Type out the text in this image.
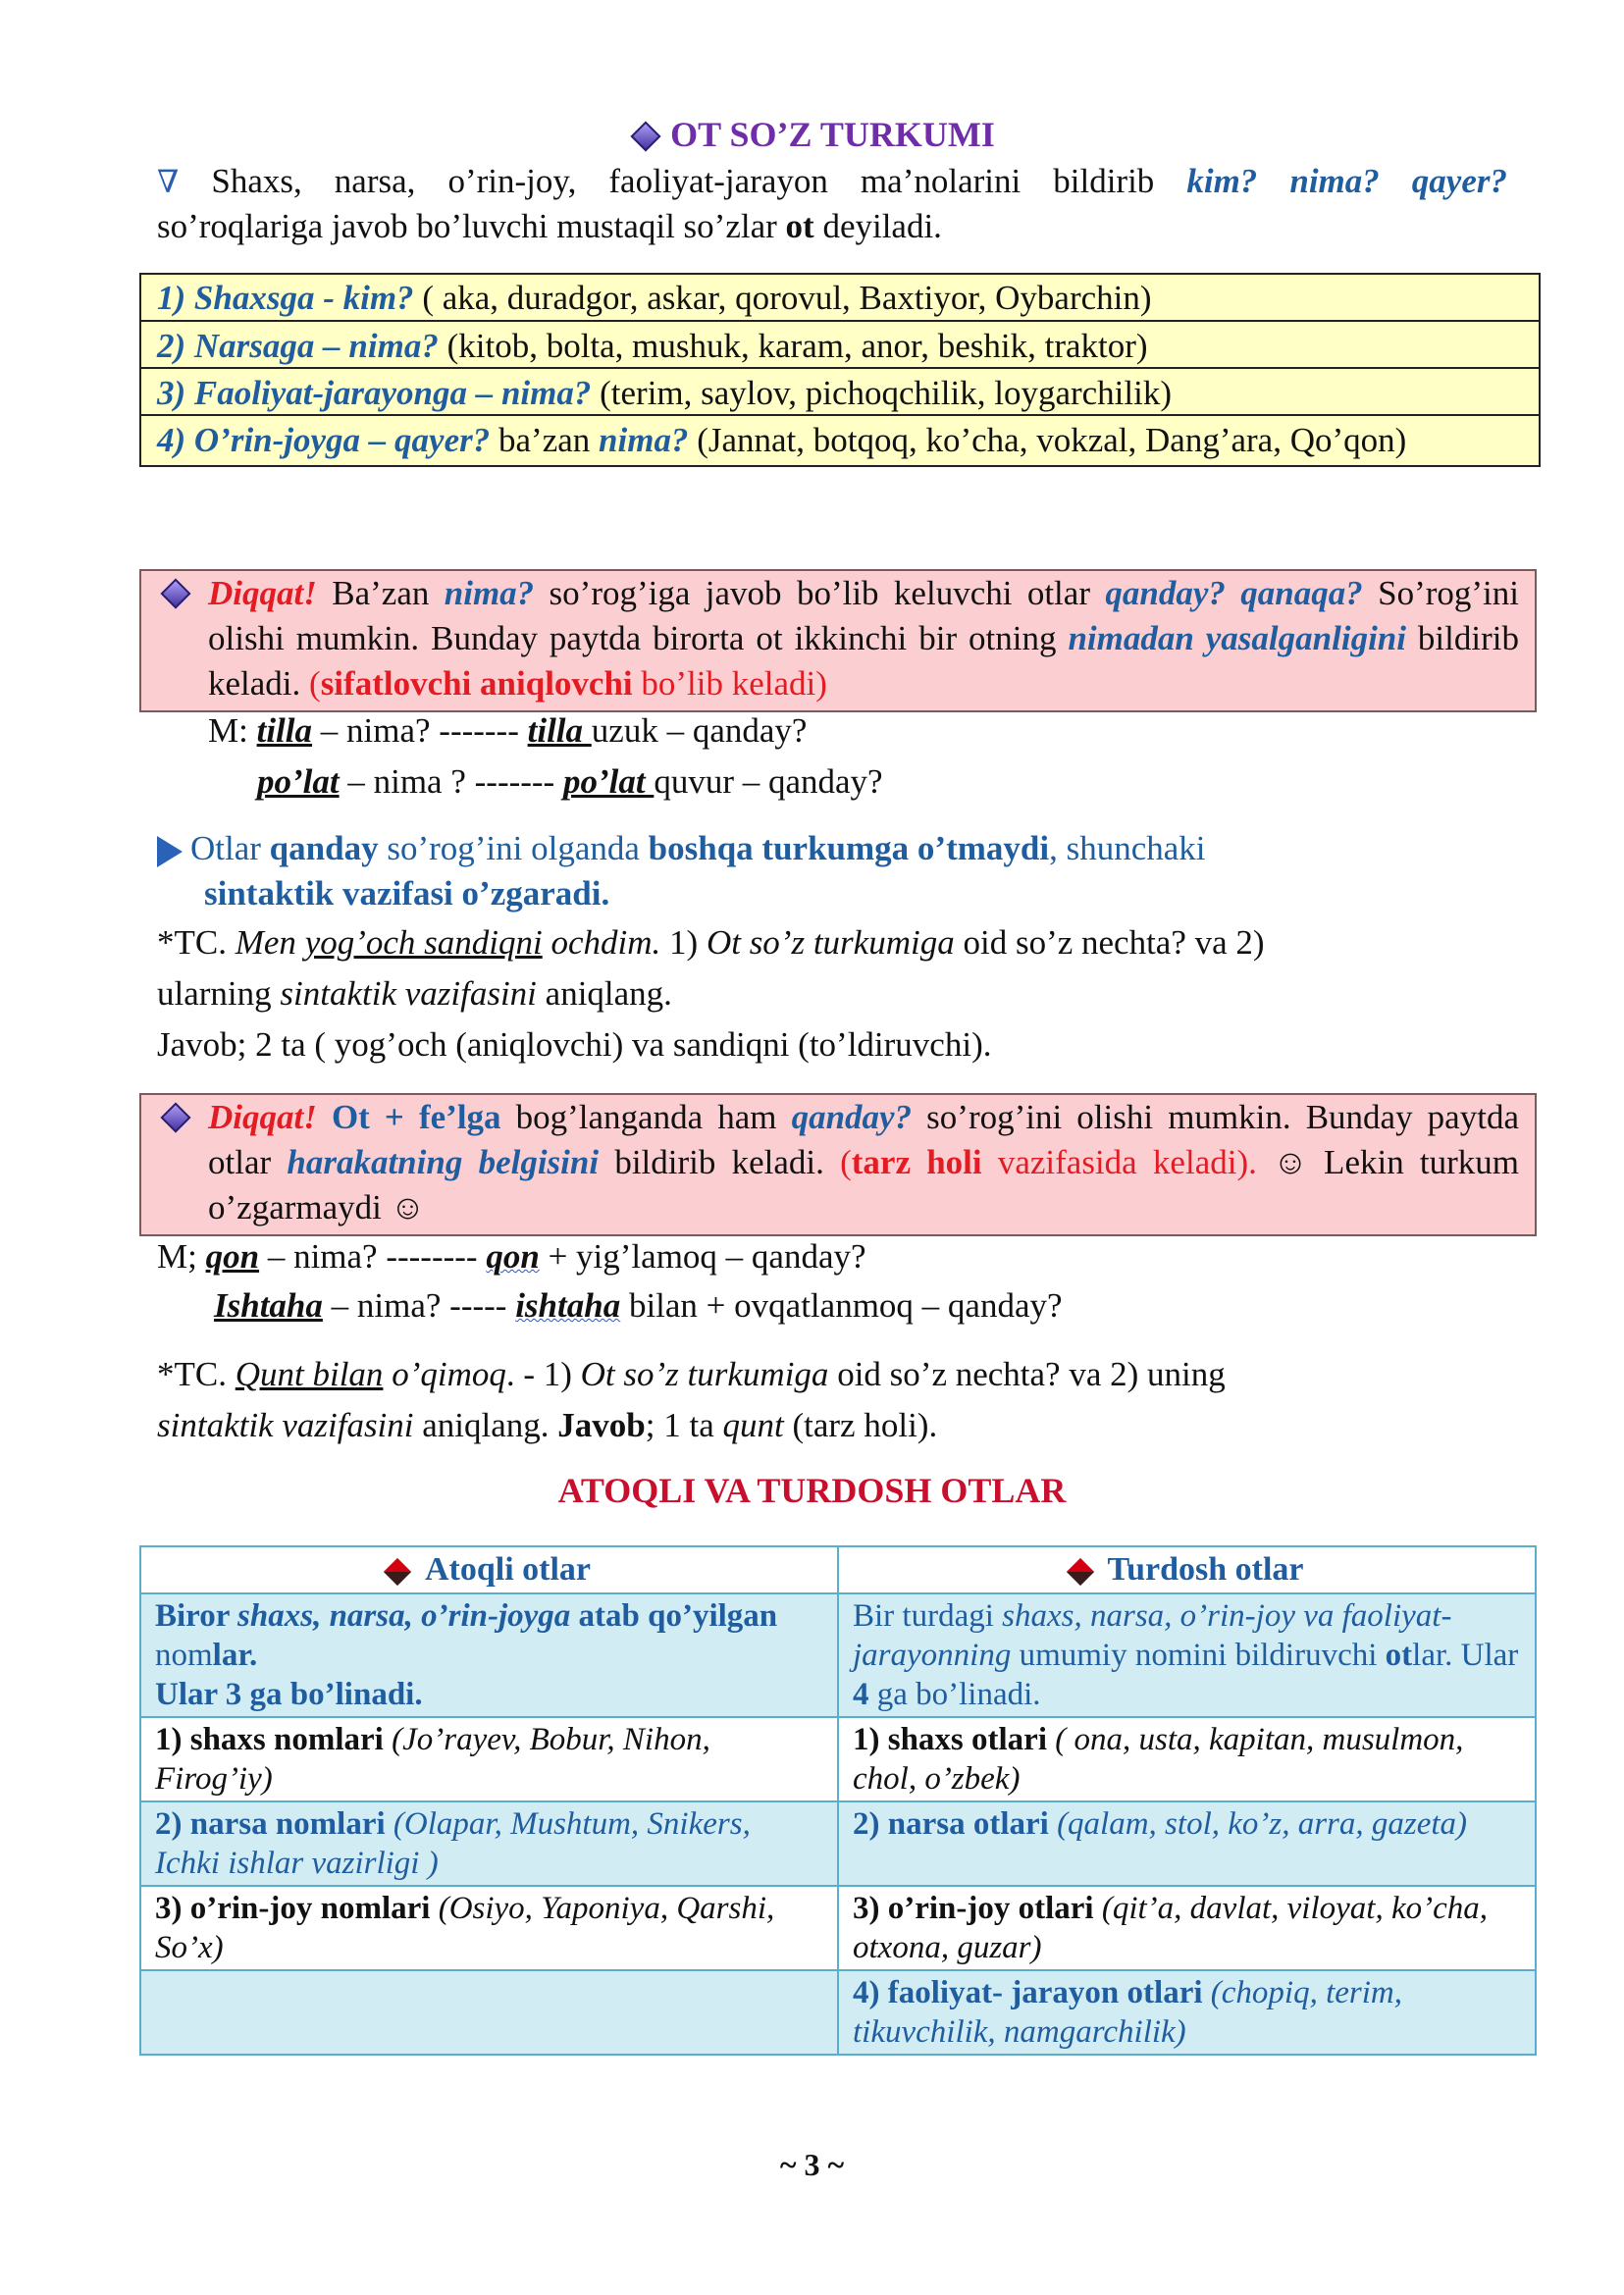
OT SO’Z TURKUMI
∇ Shaxs, narsa, o’rin-joy, faoliyat-jarayon ma’nolarini bildirib kim? nima? qayer?
so’roqlariga javob bo’luvchi mustaqil so’zlar ot deyiladi.
1) Shaxsga - kim? ( aka, duradgor, askar, qorovul, Baxtiyor, Oybarchin)
2) Narsaga – nima? (kitob, bolta, mushuk, karam, anor, beshik, traktor)
3) Faoliyat-jarayonga – nima? (terim, saylov, pichoqchilik, loygarchilik)
4) O’rin-joyga – qayer? ba’zan nima? (Jannat, botqoq, ko’cha, vokzal, Dang’ara, Qo’qon)
Diqqat! Ba’zan nima? so’rog’iga javob bo’lib keluvchi otlar qanday? qanaqa? So’rog’ini olishi mumkin. Bunday paytda birorta ot ikkinchi bir otning nimadan yasalganligini bildirib keladi. (sifatlovchi aniqlovchi bo’lib keladi)
M: tilla – nima? ------- tilla uzuk – qanday?
po’lat – nima ? ------- po’lat quvur – qanday?
Otlar qanday so’rog’ini olganda boshqa turkumga o’tmaydi, shunchaki
sintaktik vazifasi o’zgaradi.
*TC. Men yog’och sandiqni ochdim. 1) Ot so’z turkumiga oid so’z nechta? va 2)
ularning sintaktik vazifasini aniqlang.
Javob; 2 ta ( yog’och (aniqlovchi) va sandiqni (to’ldiruvchi).
Diqqat! Ot + fe’lga bog’langanda ham qanday? so’rog’ini olishi mumkin. Bunday paytda otlar harakatning belgisini bildirib keladi. (tarz holi vazifasida keladi). ☺ Lekin turkum o’zgarmaydi ☺
M; qon – nima? -------- qon + yig’lamoq – qanday?
Ishtaha – nima? ----- ishtaha bilan + ovqatlanmoq – qanday?
*TC. Qunt bilan o’qimoq. - 1) Ot so’z turkumiga oid so’z nechta? va 2) uning
sintaktik vazifasini aniqlang. Javob; 1 ta qunt (tarz holi).
ATOQLI VA TURDOSH OTLAR
Atoqli otlar	Turdosh otlar
Biror shaxs, narsa, o’rin-joyga atab qo’yilgan nomlar.
Ular 3 ga bo’linadi.	Bir turdagi shaxs, narsa, o’rin-joy va faoliyat-jarayonning umumiy nomini bildiruvchi otlar. Ular 4 ga bo’linadi.
1) shaxs nomlari (Jo’rayev, Bobur, Nihon, Firog’iy)	1) shaxs otlari ( ona, usta, kapitan, musulmon, chol, o’zbek)
2) narsa nomlari (Olapar, Mushtum, Snikers, Ichki ishlar vazirligi )	2) narsa otlari (qalam, stol, ko’z, arra, gazeta)
3) o’rin-joy nomlari (Osiyo, Yaponiya, Qarshi, So’x)	3) o’rin-joy otlari (qit’a, davlat, viloyat, ko’cha, otxona, guzar)
	4) faoliyat- jarayon otlari (chopiq, terim, tikuvchilik, namgarchilik)
~ 3 ~
